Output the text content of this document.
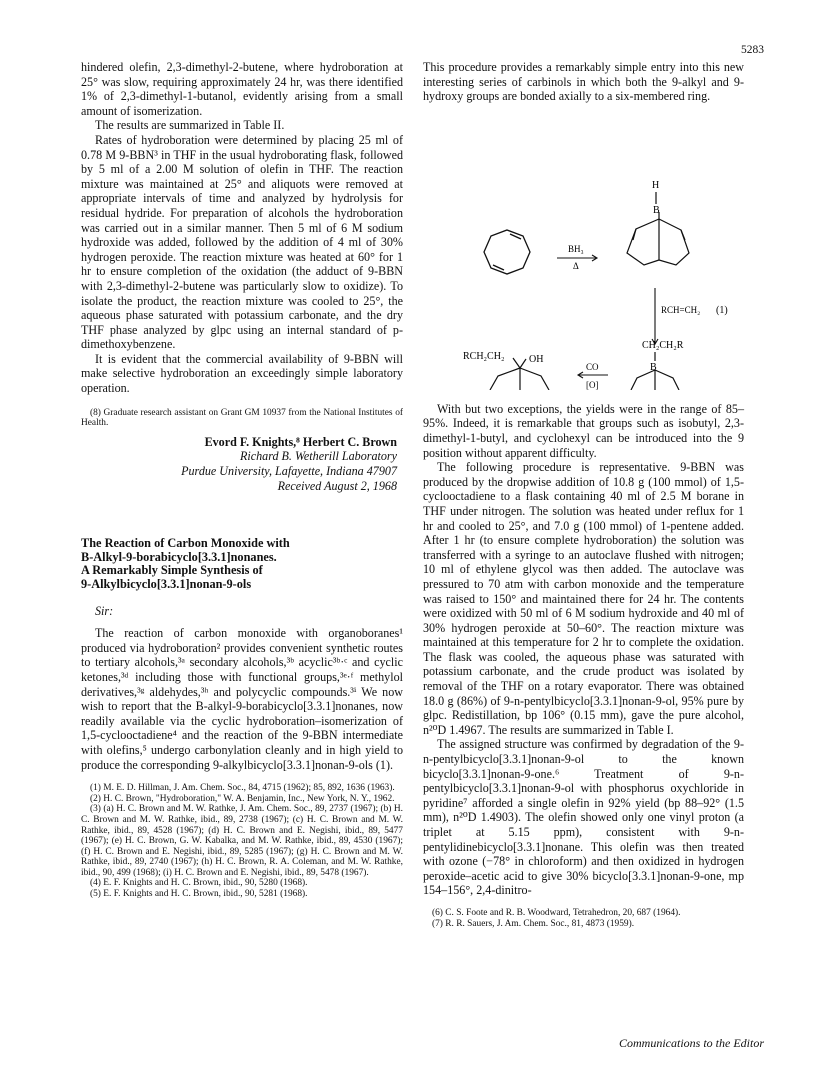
5283

hindered olefin, 2,3-dimethyl-2-butene, where hydroboration at 25° was slow, requiring approximately 24 hr, was there identified 1% of 2,3-dimethyl-1-butanol, evidently arising from a small amount of isomerization.

The results are summarized in Table II.

Rates of hydroboration were determined by placing 25 ml of 0.78 M 9-BBN³ in THF in the usual hydroborating flask, followed by 5 ml of a 2.00 M solution of olefin in THF. The reaction mixture was maintained at 25° and aliquots were removed at appropriate intervals of time and analyzed by hydrolysis for residual hydride. For preparation of alcohols the hydroboration was carried out in a similar manner. Then 5 ml of 6 M sodium hydroxide was added, followed by the addition of 4 ml of 30% hydrogen peroxide. The reaction mixture was heated at 60° for 1 hr to ensure completion of the oxidation (the adduct of 9-BBN with 2,3-dimethyl-2-butene was particularly slow to oxidize). To isolate the product, the reaction mixture was cooled to 25°, the aqueous phase saturated with potassium carbonate, and the dry THF phase analyzed by glpc using an internal standard of p-dimethoxybenzene.

It is evident that the commercial availability of 9-BBN will make selective hydroboration an exceedingly simple laboratory operation.

(8) Graduate research assistant on Grant GM 10937 from the National Institutes of Health.

Evord F. Knights,⁸ Herbert C. Brown
Richard B. Wetherill Laboratory
Purdue University, Lafayette, Indiana 47907
Received August 2, 1968
The Reaction of Carbon Monoxide with
B-Alkyl-9-borabicyclo[3.3.1]nonanes.
A Remarkably Simple Synthesis of
9-Alkylbicyclo[3.3.1]nonan-9-ols
Sir:

The reaction of carbon monoxide with organoboranes¹ produced via hydroboration² provides convenient synthetic routes to tertiary alcohols,³ᵃ secondary alcohols,³ᵇ acyclic³ᵇ·ᶜ and cyclic ketones,³ᵈ including those with functional groups,³ᵉ·ᶠ methylol derivatives,³ᵍ aldehydes,³ʰ and polycyclic compounds.³ⁱ We now wish to report that the B-alkyl-9-borabicyclo[3.3.1]nonanes, now readily available via the cyclic hydroboration–isomerization of 1,5-cyclooctadiene⁴ and the reaction of the 9-BBN intermediate with olefins,⁵ undergo carbonylation cleanly and in high yield to produce the corresponding 9-alkylbicyclo[3.3.1]nonan-9-ols (1).

(1) M. E. D. Hillman, J. Am. Chem. Soc., 84, 4715 (1962); 85, 892, 1636 (1963).

(2) H. C. Brown, "Hydroboration," W. A. Benjamin, Inc., New York, N. Y., 1962.

(3) (a) H. C. Brown and M. W. Rathke, J. Am. Chem. Soc., 89, 2737 (1967); (b) H. C. Brown and M. W. Rathke, ibid., 89, 2738 (1967); (c) H. C. Brown and M. W. Rathke, ibid., 89, 4528 (1967); (d) H. C. Brown and E. Negishi, ibid., 89, 5477 (1967); (e) H. C. Brown, G. W. Kabalka, and M. W. Rathke, ibid., 89, 4530 (1967); (f) H. C. Brown and E. Negishi, ibid., 89, 5285 (1967); (g) H. C. Brown and M. W. Rathke, ibid., 89, 2740 (1967); (h) H. C. Brown, R. A. Coleman, and M. W. Rathke, ibid., 90, 499 (1968); (i) H. C. Brown and E. Negishi, ibid., 89, 5478 (1967).

(4) E. F. Knights and H. C. Brown, ibid., 90, 5280 (1968).

(5) E. F. Knights and H. C. Brown, ibid., 90, 5281 (1968).

This procedure provides a remarkably simple entry into this new interesting series of carbinols in which both the 9-alkyl and 9-hydroxy groups are bonded axially to a six-membered ring.

BH₃
Δ
H
B
RCH=CH₂ (1)
CH₂CH₂R
B
CO
[O]
RCH₂CH₂ OH

With but two exceptions, the yields were in the range of 85–95%. Indeed, it is remarkable that groups such as isobutyl, 2,3-dimethyl-1-butyl, and cyclohexyl can be introduced into the 9 position without apparent difficulty.

The following procedure is representative. 9-BBN was produced by the dropwise addition of 10.8 g (100 mmol) of 1,5-cyclooctadiene to a flask containing 40 ml of 2.5 M borane in THF under nitrogen. The solution was heated under reflux for 1 hr and cooled to 25°, and 7.0 g (100 mmol) of 1-pentene added. After 1 hr (to ensure complete hydroboration) the solution was transferred with a syringe to an autoclave flushed with nitrogen; 10 ml of ethylene glycol was then added. The autoclave was pressured to 70 atm with carbon monoxide and the temperature was raised to 150° and maintained there for 24 hr. The contents were oxidized with 50 ml of 6 M sodium hydroxide and 40 ml of 30% hydrogen peroxide at 50–60°. The reaction mixture was maintained at this temperature for 2 hr to complete the oxidation. The flask was cooled, the aqueous phase was saturated with potassium carbonate, and the crude product was isolated by removal of the THF on a rotary evaporator. There was obtained 18.0 g (86%) of 9-n-pentylbicyclo[3.3.1]nonan-9-ol, 95% pure by glpc. Redistillation, bp 106° (0.15 mm), gave the pure alcohol, n²⁰D 1.4967. The results are summarized in Table I.

The assigned structure was confirmed by degradation of the 9-n-pentylbicyclo[3.3.1]nonan-9-ol to the known bicyclo[3.3.1]nonan-9-one.⁶ Treatment of 9-n-pentylbicyclo[3.3.1]nonan-9-ol with phosphorus oxychloride in pyridine⁷ afforded a single olefin in 92% yield (bp 88–92° (1.5 mm), n²⁰D 1.4903). The olefin showed only one vinyl proton (a triplet at 5.15 ppm), consistent with 9-n-pentylidinebicyclo[3.3.1]nonane. This olefin was then treated with ozone (−78° in chloroform) and then oxidized in hydrogen peroxide–acetic acid to give 30% bicyclo[3.3.1]nonan-9-one, mp 154–156°, 2,4-dinitro-

(6) C. S. Foote and R. B. Woodward, Tetrahedron, 20, 687 (1964).

(7) R. R. Sauers, J. Am. Chem. Soc., 81, 4873 (1959).

Communications to the Editor
